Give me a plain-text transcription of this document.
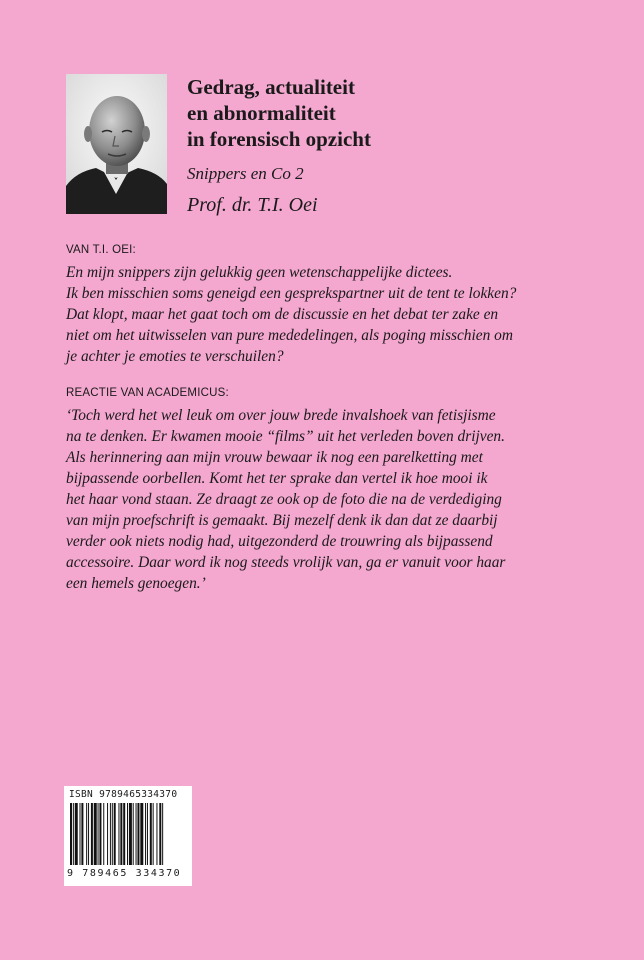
Gedrag, actualiteit
en abnormaliteit
in forensisch opzicht
Snippers en Co 2
Prof. dr. T.I. Oei
VAN T.I. OEI:

En mijn snippers zijn gelukkig geen wetenschappelijke dictees.
Ik ben misschien soms geneigd een gesprekspartner uit de tent te lokken?
Dat klopt, maar het gaat toch om de discussie en het debat ter zake en
niet om het uitwisselen van pure mededelingen, als poging misschien om
je achter je emoties te verschuilen?

REACTIE VAN ACADEMICUS:

‘Toch werd het wel leuk om over jouw brede invalshoek van fetisjisme
na te denken. Er kwamen mooie “films” uit het verleden boven drijven.
Als herinnering aan mijn vrouw bewaar ik nog een parelketting met
bijpassende oorbellen. Komt het ter sprake dan vertel ik hoe mooi ik
het haar vond staan. Ze draagt ze ook op de foto die na de verdediging
van mijn proefschrift is gemaakt. Bij mezelf denk ik dan dat ze daarbij
verder ook niets nodig had, uitgezonderd de trouwring als bijpassend
accessoire. Daar word ik nog steeds vrolijk van, ga er vanuit voor haar
een hemels genoegen.’

ISBN 9789465334370
9 789465 334370
